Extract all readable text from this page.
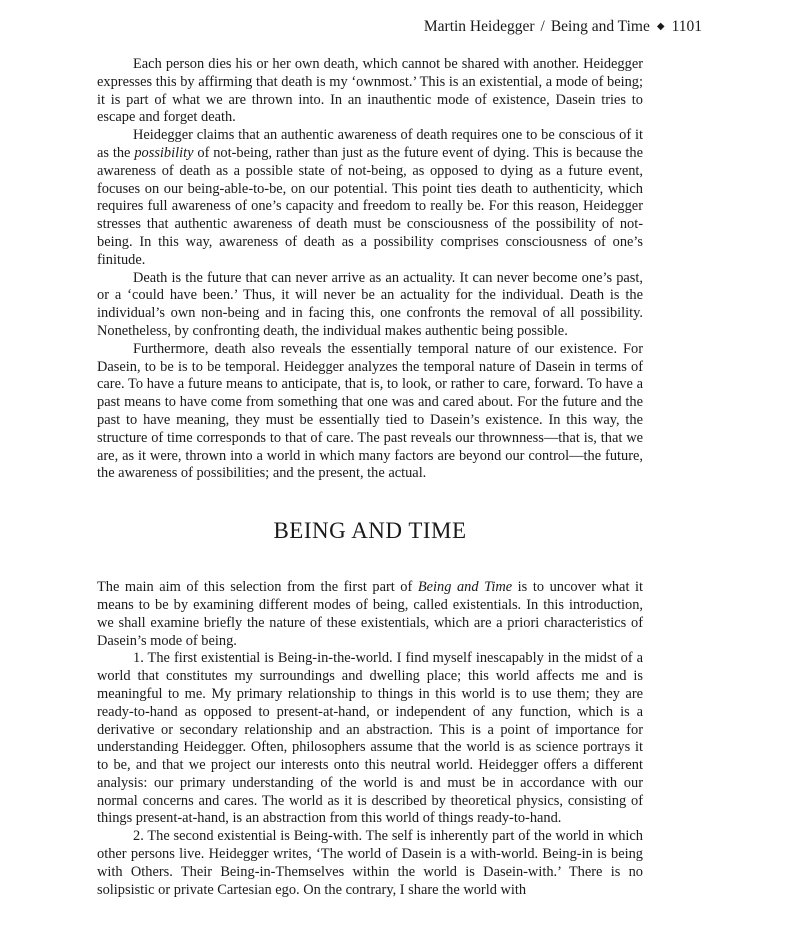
Martin Heidegger / Being and Time ◆ 1101

Each person dies his or her own death, which cannot be shared with another. Heidegger expresses this by affirming that death is my ‘ownmost.’ This is an existential, a mode of being; it is part of what we are thrown into. In an inauthentic mode of existence, Dasein tries to escape and forget death.

Heidegger claims that an authentic awareness of death requires one to be conscious of it as the possibility of not-being, rather than just as the future event of dying. This is because the awareness of death as a possible state of not-being, as opposed to dying as a future event, focuses on our being-able-to-be, on our potential. This point ties death to authenticity, which requires full awareness of one’s capacity and freedom to really be. For this reason, Heidegger stresses that authentic awareness of death must be consciousness of the possibility of not-being. In this way, awareness of death as a possibility comprises consciousness of one’s finitude.

Death is the future that can never arrive as an actuality. It can never become one’s past, or a ‘could have been.’ Thus, it will never be an actuality for the individual. Death is the individual’s own non-being and in facing this, one confronts the removal of all possibility. Nonetheless, by confronting death, the individual makes authentic being possible.

Furthermore, death also reveals the essentially temporal nature of our existence. For Dasein, to be is to be temporal. Heidegger analyzes the temporal nature of Dasein in terms of care. To have a future means to anticipate, that is, to look, or rather to care, forward. To have a past means to have come from something that one was and cared about. For the future and the past to have meaning, they must be essentially tied to Dasein’s existence. In this way, the structure of time corresponds to that of care. The past reveals our thrownness—that is, that we are, as it were, thrown into a world in which many factors are beyond our control—the future, the awareness of possibilities; and the present, the actual.

BEING AND TIME

The main aim of this selection from the first part of Being and Time is to uncover what it means to be by examining different modes of being, called existentials. In this introduction, we shall examine briefly the nature of these existentials, which are a priori characteristics of Dasein’s mode of being.

1. The first existential is Being-in-the-world. I find myself inescapably in the midst of a world that constitutes my surroundings and dwelling place; this world affects me and is meaningful to me. My primary relationship to things in this world is to use them; they are ready-to-hand as opposed to present-at-hand, or independent of any function, which is a derivative or secondary relationship and an abstraction. This is a point of importance for understanding Heidegger. Often, philosophers assume that the world is as science portrays it to be, and that we project our interests onto this neutral world. Heidegger offers a different analysis: our primary understanding of the world is and must be in accordance with our normal concerns and cares. The world as it is described by theoretical physics, consisting of things present-at-hand, is an abstraction from this world of things ready-to-hand.

2. The second existential is Being-with. The self is inherently part of the world in which other persons live. Heidegger writes, ‘The world of Dasein is a with-world. Being-in is being with Others. Their Being-in-Themselves within the world is Dasein-with.’ There is no solipsistic or private Cartesian ego. On the contrary, I share the world with
